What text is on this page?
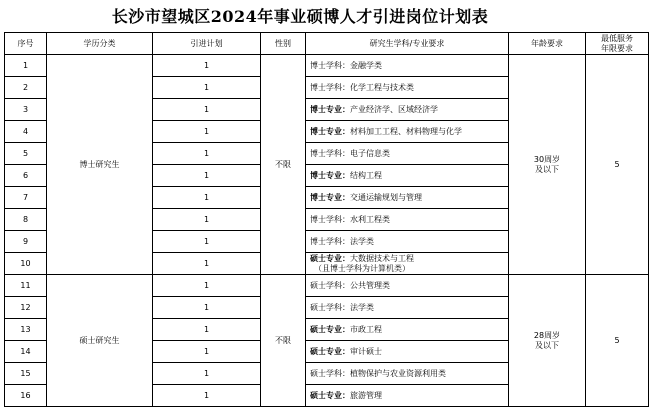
长沙市望城区2024年事业硕博人才引进岗位计划表
序号	学历分类	引进计划	性别	研究生学科/专业要求	年龄要求	最低服务
年限要求
1	博士研究生	1	不限	博士学科：金融学类	30周岁
及以下	5
2		1		博士学科：化学工程与技术类		
3		1		博士专业：产业经济学、区域经济学		
4		1		博士专业：材料加工工程、材料物理与化学		
5		1		博士学科：电子信息类		
6		1		博士专业：结构工程		
7		1		博士专业：交通运输规划与管理		
8		1		博士学科：水利工程类		
9		1		博士学科：法学类		
10		1		硕士专业：大数据技术与工程
（且博士学科为计算机类）		

11	硕士研究生	1	不限	硕士学科：公共管理类	28周岁
及以下	5
12		1		硕士学科：法学类		
13		1		硕士专业：市政工程		
14		1		硕士专业：审计硕士		
15		1		硕士学科：植物保护与农业资源利用类		
16		1		硕士专业：旅游管理		
